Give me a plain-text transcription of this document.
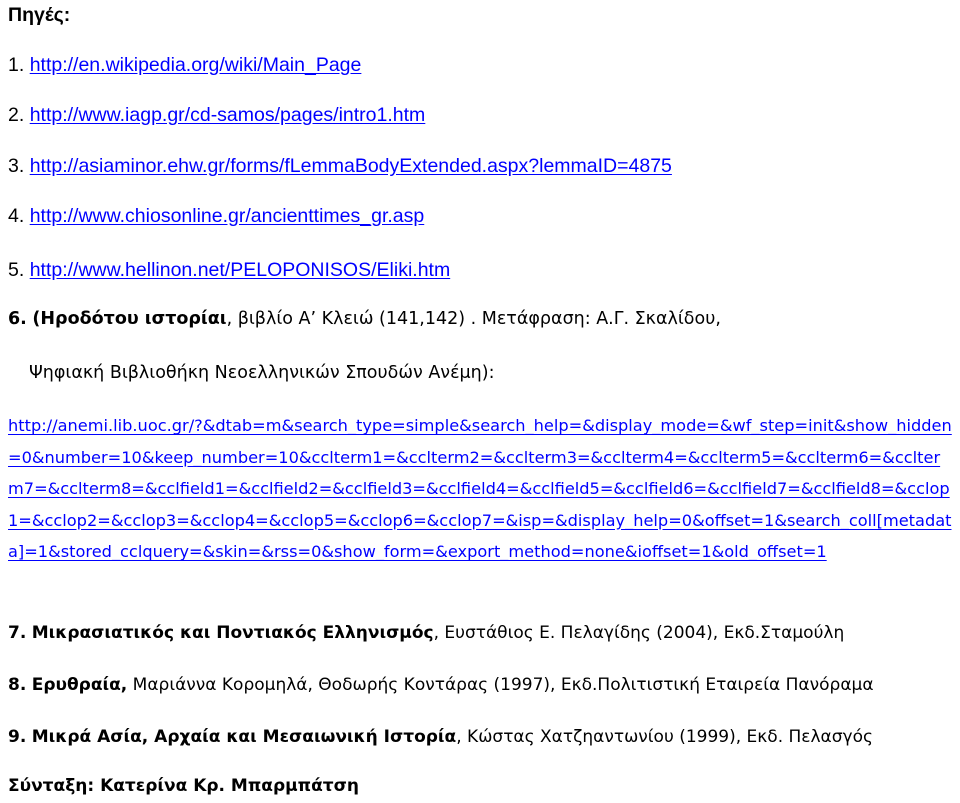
Πηγές:
1. http://en.wikipedia.org/wiki/Main_Page
2. http://www.iagp.gr/cd-samos/pages/intro1.htm
3. http://asiaminor.ehw.gr/forms/fLemmaBodyExtended.aspx?lemmaID=4875
4. http://www.chiosonline.gr/ancienttimes_gr.asp
5. http://www.hellinon.net/PELOPONISOS/Eliki.htm
6. (Ηροδότου ιστορίαι, βιβλίο Α’ Κλειώ (141,142) . Μετάφραση: Α.Γ. Σκαλίδου,
Ψηφιακή Βιβλιοθήκη Νεοελληνικών Σπουδών Ανέμη):
http://anemi.lib.uoc.gr/?&dtab=m&search_type=simple&search_help=&display_mode=&wf_step=init&show_hidden=0&number=10&keep_number=10&cclterm1=&cclterm2=&cclterm3=&cclterm4=&cclterm5=&cclterm6=&cclterm7=&cclterm8=&cclfield1=&cclfield2=&cclfield3=&cclfield4=&cclfield5=&cclfield6=&cclfield7=&cclfield8=&cclop1=&cclop2=&cclop3=&cclop4=&cclop5=&cclop6=&cclop7=&isp=&display_help=0&offset=1&search_coll[metadata]=1&stored_cclquery=&skin=&rss=0&show_form=&export_method=none&ioffset=1&old_offset=1
7. Μικρασιατικός και Ποντιακός Ελληνισμός, Ευστάθιος Ε. Πελαγίδης (2004), Εκδ.Σταμούλη
8. Ερυθραία, Μαριάννα Κορομηλά, Θοδωρής Κοντάρας (1997), Εκδ.Πολιτιστική Εταιρεία Πανόραμα
9. Μικρά Ασία, Αρχαία και Μεσαιωνική Ιστορία, Κώστας Χατζηαντωνίου (1999), Εκδ. Πελασγός
Σύνταξη: Κατερίνα Κρ. Μπαρμπάτση
